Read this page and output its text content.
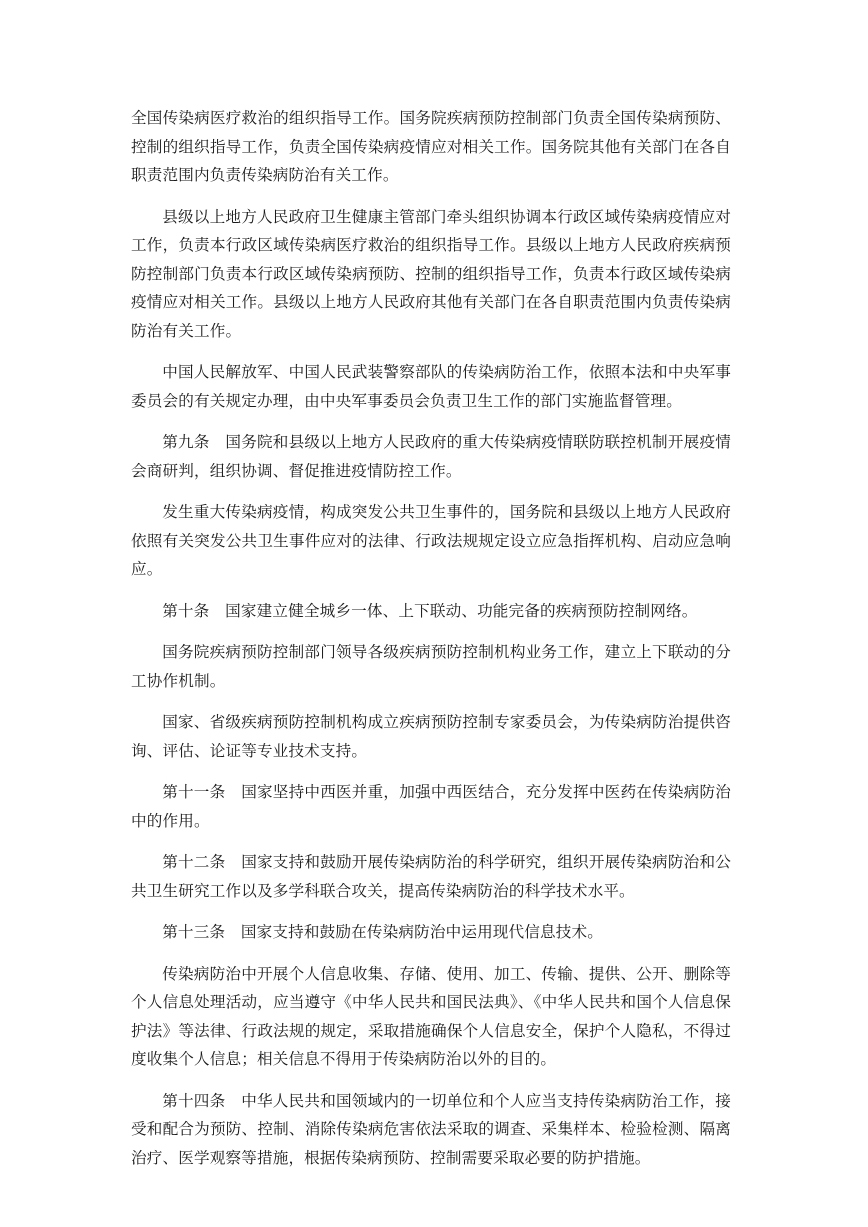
全国传染病医疗救治的组织指导工作。国务院疾病预防控制部门负责全国传染病预防、控制的组织指导工作，负责全国传染病疫情应对相关工作。国务院其他有关部门在各自职责范围内负责传染病防治有关工作。

县级以上地方人民政府卫生健康主管部门牵头组织协调本行政区域传染病疫情应对工作，负责本行政区域传染病医疗救治的组织指导工作。县级以上地方人民政府疾病预防控制部门负责本行政区域传染病预防、控制的组织指导工作，负责本行政区域传染病疫情应对相关工作。县级以上地方人民政府其他有关部门在各自职责范围内负责传染病防治有关工作。

中国人民解放军、中国人民武装警察部队的传染病防治工作，依照本法和中央军事委员会的有关规定办理，由中央军事委员会负责卫生工作的部门实施监督管理。

第九条　国务院和县级以上地方人民政府的重大传染病疫情联防联控机制开展疫情会商研判，组织协调、督促推进疫情防控工作。

发生重大传染病疫情，构成突发公共卫生事件的，国务院和县级以上地方人民政府依照有关突发公共卫生事件应对的法律、行政法规规定设立应急指挥机构、启动应急响应。

第十条　国家建立健全城乡一体、上下联动、功能完备的疾病预防控制网络。

国务院疾病预防控制部门领导各级疾病预防控制机构业务工作，建立上下联动的分工协作机制。

国家、省级疾病预防控制机构成立疾病预防控制专家委员会，为传染病防治提供咨询、评估、论证等专业技术支持。

第十一条　国家坚持中西医并重，加强中西医结合，充分发挥中医药在传染病防治中的作用。

第十二条　国家支持和鼓励开展传染病防治的科学研究，组织开展传染病防治和公共卫生研究工作以及多学科联合攻关，提高传染病防治的科学技术水平。

第十三条　国家支持和鼓励在传染病防治中运用现代信息技术。

传染病防治中开展个人信息收集、存储、使用、加工、传输、提供、公开、删除等个人信息处理活动，应当遵守《中华人民共和国民法典》、《中华人民共和国个人信息保护法》等法律、行政法规的规定，采取措施确保个人信息安全，保护个人隐私，不得过度收集个人信息；相关信息不得用于传染病防治以外的目的。

第十四条　中华人民共和国领域内的一切单位和个人应当支持传染病防治工作，接受和配合为预防、控制、消除传染病危害依法采取的调查、采集样本、检验检测、隔离治疗、医学观察等措施，根据传染病预防、控制需要采取必要的防护措施。
